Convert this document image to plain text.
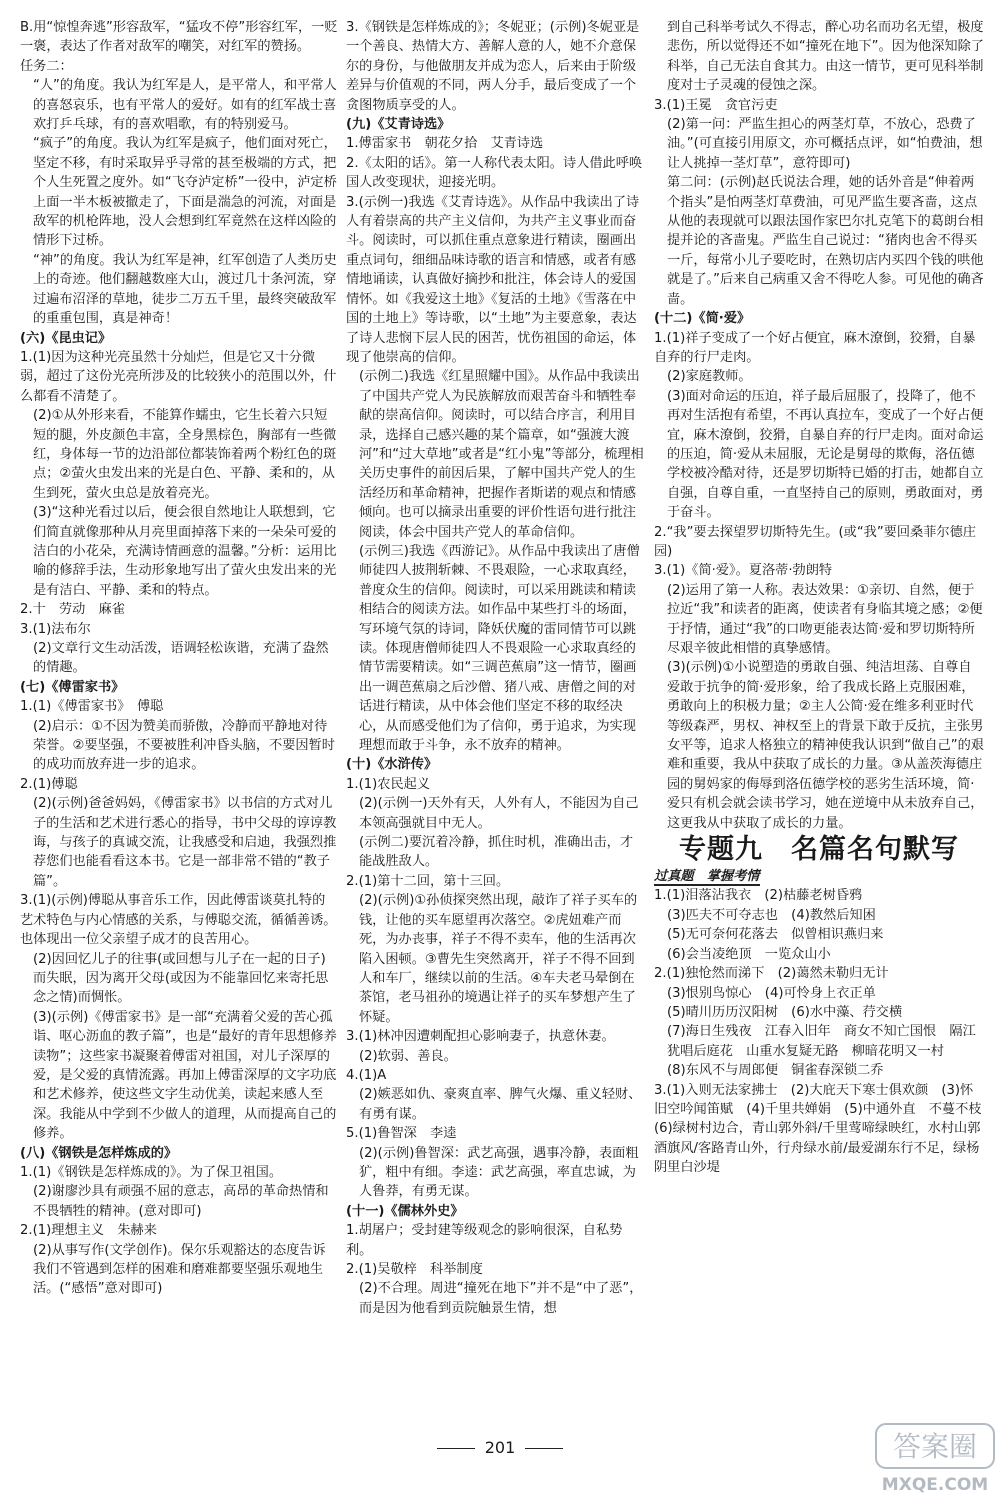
B.用“惊惶奔逃”形容敌军，“猛攻不停”形容红军，一贬一褒，表达了作者对敌军的嘲笑，对红军的赞扬。

任务二：

“人”的角度。我认为红军是人，是平常人，和平常人的喜怒哀乐，也有平常人的爱好。如有的红军战士喜欢打乒乓球，有的喜欢唱歌，有的特别爱马。

“疯子”的角度。我认为红军是疯子，他们面对死亡，坚定不移，有时采取异乎寻常的甚至极端的方式，把个人生死置之度外。如“飞夺泸定桥”一役中，泸定桥上面一半木板被撤走了，下面是湍急的河流，对面是敌军的机枪阵地，没人会想到红军竟然在这样凶险的情形下过桥。

“神”的角度。我认为红军是神，红军创造了人类历史上的奇迹。他们翻越数座大山，渡过几十条河流，穿过遍布沼泽的草地，徒步二万五千里，最终突破敌军的重重包围，真是神奇！

(六)《昆虫记》

1.(1)因为这种光亮虽然十分灿烂，但是它又十分微弱，超过了这份光亮所涉及的比较狭小的范围以外，什么都看不清楚了。

(2)①从外形来看，不能算作蠕虫，它生长着六只短短的腿，外皮颜色丰富，全身黑棕色，胸部有一些微红，身体每一节的边沿部位都装饰着两个粉红色的斑点；②萤火虫发出来的光是白色、平静、柔和的，从生到死，萤火虫总是放着亮光。

(3)“这种光看过以后，便会很自然地让人联想到，它们简直就像那种从月亮里面掉落下来的一朵朵可爱的洁白的小花朵，充满诗情画意的温馨。”分析：运用比喻的修辞手法，生动形象地写出了萤火虫发出来的光是有洁白、平静、柔和的特点。

2.十　劳动　麻雀

3.(1)法布尔

(2)文章行文生动活泼，语调轻松诙谐，充满了盎然的情趣。

(七)《傅雷家书》

1.(1)《傅雷家书》　傅聪

(2)启示：①不因为赞美而骄傲，冷静而平静地对待荣誉。②要坚强，不要被胜利冲昏头脑，不要因暂时的成功而放弃进一步的追求。

2.(1)傅聪

(2)(示例)爸爸妈妈，《傅雷家书》以书信的方式对儿子的生活和艺术进行悉心的指导，书中父母的谆谆教诲，与孩子的真诚交流，让我感受和启迪，我强烈推荐您们也能看看这本书。它是一部非常不错的“教子篇”。

3.(1)(示例)傅聪从事音乐工作，因此傅雷谈莫扎特的艺术特色与内心情感的关系，与傅聪交流，循循善诱。也体现出一位父亲望子成才的良苦用心。

(2)因回忆儿子的往事(或回想与儿子在一起的日子)而失眠，因为离开父母(或因为不能靠回忆来寄托思念之情)而惆怅。

(3)(示例)《傅雷家书》是一部“充满着父爱的苦心孤诣、呕心沥血的教子篇”，也是“最好的青年思想修养读物”；这些家书凝聚着傅雷对祖国，对儿子深厚的爱，是父爱的真情流露。再加上傅雷深厚的文字功底和艺术修养，使这些文字生动优美，读起来感人至深。我能从中学到不少做人的道理，从而提高自己的修养。

(八)《钢铁是怎样炼成的》

1.(1)《钢铁是怎样炼成的》。为了保卫祖国。

(2)谢廖沙具有顽强不屈的意志，高昂的革命热情和不畏牺牲的精神。(意对即可)

2.(1)理想主义　朱赫来

(2)从事写作(文学创作)。保尔乐观豁达的态度告诉我们不管遇到怎样的困难和磨难都要坚强乐观地生活。(“感悟”意对即可)

3.《钢铁是怎样炼成的》；冬妮亚；(示例)冬妮亚是一个善良、热情大方、善解人意的人，她不介意保尔的身份，与他做朋友并成为恋人，后来由于阶级差异与价值观的不同，两人分手，最后变成了一个贪图物质享受的人。

(九)《艾青诗选》

1.傅雷家书　朝花夕拾　艾青诗选

2.《太阳的话》。第一人称代表太阳。诗人借此呼唤国人改变现状，迎接光明。

3.(示例一)我选《艾青诗选》。从作品中我读出了诗人有着崇高的共产主义信仰，为共产主义事业而奋斗。阅读时，可以抓住重点意象进行精读，圈画出重点词句，细细品味诗歌的语言和情感，或者有感情地诵读，认真做好摘抄和批注，体会诗人的爱国情怀。如《我爱这土地》《复活的土地》《雪落在中国的土地上》等诗歌，以“土地”为主要意象，表达了诗人悲悯下层人民的困苦，忧伤祖国的命运，体现了他崇高的信仰。

(示例二)我选《红星照耀中国》。从作品中我读出了中国共产党人为民族解放而艰苦奋斗和牺牲奉献的崇高信仰。阅读时，可以结合序言，利用目录，选择自己感兴趣的某个篇章，如“强渡大渡河”和“过大草地”或者是“红小鬼”等部分，梳理相关历史事件的前因后果，了解中国共产党人的生活经历和革命精神，把握作者斯诺的观点和情感倾向。也可以摘录出重要的评价性语句进行批注阅读，体会中国共产党人的革命信仰。

(示例三)我选《西游记》。从作品中我读出了唐僧师徒四人披荆斩棘、不畏艰险，一心求取真经，普度众生的信仰。阅读时，可以采用跳读和精读相结合的阅读方法。如作品中某些打斗的场面，写环境气氛的诗词，降妖伏魔的雷同情节可以跳读。体现唐僧师徒四人不畏艰险一心求取真经的情节需要精读。如“三调芭蕉扇”这一情节，圈画出一调芭蕉扇之后沙僧、猪八戒、唐僧之间的对话进行精读，从中体会他们坚定不移的取经决心，从而感受他们为了信仰，勇于追求，为实现理想而敢于斗争，永不放弃的精神。

(十)《水浒传》

1.(1)农民起义

(2)(示例一)天外有天，人外有人，不能因为自己本领高强就目中无人。

(示例二)要沉着冷静，抓住时机，准确出击，才能战胜敌人。

2.(1)第十二回，第十三回。

(2)(示例)①孙侦探突然出现，敲诈了祥子买车的钱，让他的买车愿望再次落空。②虎妞难产而死，为办丧事，祥子不得不卖车，他的生活再次陷入困顿。③曹先生突然离开，祥子不得不回到人和车厂，继续以前的生活。④车夫老马晕倒在茶馆，老马祖孙的境遇让祥子的买车梦想产生了怀疑。

3.(1)林冲因遭刺配担心影响妻子，执意休妻。

(2)软弱、善良。

4.(1)A

(2)嫉恶如仇、豪爽直率、脾气火爆、重义轻财、有勇有谋。

5.(1)鲁智深　李逵

(2)(示例)鲁智深：武艺高强，遇事冷静，表面粗犷，粗中有细。李逵：武艺高强，率直忠诚，为人鲁莽，有勇无谋。

(十一)《儒林外史》

1.胡屠户；受封建等级观念的影响很深，自私势利。

2.(1)吴敬梓　科举制度

(2)不合理。周进“撞死在地下”并不是“中了恶”，而是因为他看到贡院触景生情，想

到自己科举考试久不得志，醉心功名而功名无望，极度悲伤，所以觉得还不如“撞死在地下”。因为他深知除了科举，自己无法自食其力。由这一情节，更可见科举制度对士子灵魂的侵蚀之深。

3.(1)王冕　贪官污吏

(2)第一问：严监生担心的两茎灯草，不放心，恐费了油。”(可直接引用原文，亦可概括点评，如“怕费油，想让人挑掉一茎灯草”，意符即可)

第二问：(示例)赵氏说法合理，她的话外音是“伸着两个指头”是怕两茎灯草费油，可见严监生要吝啬，这点从他的表现就可以跟法国作家巴尔扎克笔下的葛朗台相提并论的吝啬鬼。严监生自己说过：“猪肉也舍不得买一斤，每常小儿子要吃时，在熟切店内买四个钱的哄他就是了。”后来自己病重又舍不得吃人参。可见他的确吝啬。

(十二)《简·爱》

1.(1)祥子变成了一个好占便宜，麻木潦倒，狡猾，自暴自弃的行尸走肉。

(2)家庭教师。

(3)面对命运的压迫，祥子最后屈服了，投降了，他不再对生活抱有希望，不再认真拉车，变成了一个好占便宜，麻木潦倒，狡猾，自暴自弃的行尸走肉。面对命运的压迫，简·爱从未屈服，无论是舅母的欺侮，洛伍德学校被冷酷对待，还是罗切斯特已婚的打击，她都自立自强，自尊自重，一直坚持自己的原则，勇敢面对，勇于奋斗。

2.“我”要去探望罗切斯特先生。(或“我”要回桑菲尔德庄园)

3.(1)《简·爱》。夏洛蒂·勃朗特

(2)运用了第一人称。表达效果：①亲切、自然，便于拉近“我”和读者的距离，使读者有身临其境之感；②便于抒情，通过“我”的口吻更能表达简·爱和罗切斯特所尽艰辛彼此相惜的真挚感情。

(3)(示例)①小说塑造的勇敢自强、纯洁坦荡、自尊自爱敢于抗争的简·爱形象，给了我成长路上克服困难，勇敢向上的积极力量；②主人公简·爱在维多利亚时代等级森严，男权、神权至上的背景下敢于反抗，主张男女平等，追求人格独立的精神使我认识到“做自己”的艰难和重要，我从中获取了成长的力量。③从盖茨海德庄园的舅妈家的侮辱到洛伍德学校的恶劣生活环境，简·爱只有机会就会读书学习，她在逆境中从未放弃自己，这更我从中获取了成长的力量。

专题九　名篇名句默写

过真题　掌握考情

1.(1)泪落沾我衣　(2)枯藤老树昏鸦

(3)匹夫不可夺志也　(4)教然后知困

(5)无可奈何花落去　似曾相识燕归来

(6)会当凌绝顶　一览众山小

2.(1)独怆然而涕下　(2)蔼然未勒归无计

(3)恨别鸟惊心　(4)可怜身上衣正单

(5)晴川历历汉阳树　(6)水中藻、荇交横

(7)海日生残夜　江春入旧年　商女不知亡国恨　隔江犹唱后庭花　山重水复疑无路　柳暗花明又一村

(8)东风不与周郎便　铜雀春深锁二乔

3.(1)入则无法家拂士　(2)大庇天下寒士俱欢颜　(3)怀旧空吟闻笛赋　(4)千里共婵娟　(5)中通外直　不蔓不枝　(6)绿树村边合，青山郭外斜/千里莺啼绿映红，水村山郭酒旗风/客路青山外，行舟绿水前/最爱湖东行不足，绿杨阴里白沙堤

201	答案圈
MXQE.COM
